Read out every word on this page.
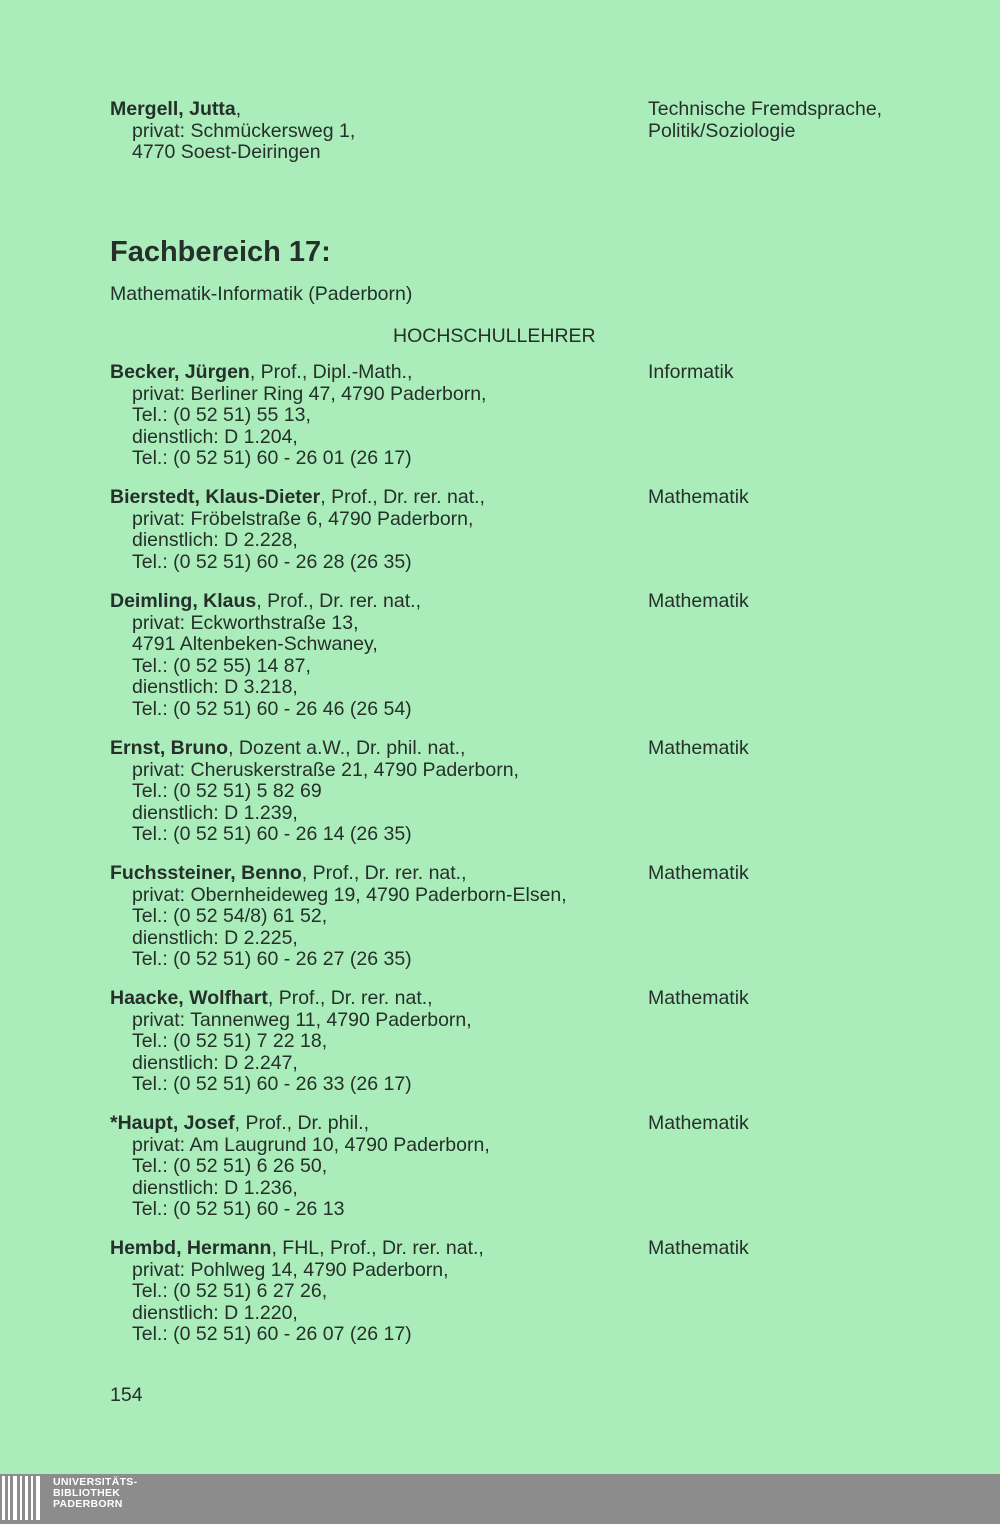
Mergell, Jutta,
privat: Schmückersweg 1,
4770 Soest-Deiringen
Technische Fremdsprache,
Politik/Soziologie
Fachbereich 17:
Mathematik-Informatik (Paderborn)
HOCHSCHULLEHRER
Becker, Jürgen, Prof., Dipl.-Math.,
privat: Berliner Ring 47, 4790 Paderborn,
Tel.: (0 52 51) 55 13,
dienstlich: D 1.204,
Tel.: (0 52 51) 60 - 26 01 (26 17)
Informatik
Bierstedt, Klaus-Dieter, Prof., Dr. rer. nat.,
privat: Fröbelstraße 6, 4790 Paderborn,
dienstlich: D 2.228,
Tel.: (0 52 51) 60 - 26 28 (26 35)
Mathematik
Deimling, Klaus, Prof., Dr. rer. nat.,
privat: Eckworthstraße 13,
4791 Altenbeken-Schwaney,
Tel.: (0 52 55) 14 87,
dienstlich: D 3.218,
Tel.: (0 52 51) 60 - 26 46 (26 54)
Mathematik
Ernst, Bruno, Dozent a.W., Dr. phil. nat.,
privat: Cheruskerstraße 21, 4790 Paderborn,
Tel.: (0 52 51) 5 82 69
dienstlich: D 1.239,
Tel.: (0 52 51) 60 - 26 14 (26 35)
Mathematik
Fuchssteiner, Benno, Prof., Dr. rer. nat.,
privat: Obernheideweg 19, 4790 Paderborn-Elsen,
Tel.: (0 52 54/8) 61 52,
dienstlich: D 2.225,
Tel.: (0 52 51) 60 - 26 27 (26 35)
Mathematik
Haacke, Wolfhart, Prof., Dr. rer. nat.,
privat: Tannenweg 11, 4790 Paderborn,
Tel.: (0 52 51) 7 22 18,
dienstlich: D 2.247,
Tel.: (0 52 51) 60 - 26 33 (26 17)
Mathematik
*Haupt, Josef, Prof., Dr. phil.,
privat: Am Laugrund 10, 4790 Paderborn,
Tel.: (0 52 51) 6 26 50,
dienstlich: D 1.236,
Tel.: (0 52 51) 60 - 26 13
Mathematik
Hembd, Hermann, FHL, Prof., Dr. rer. nat.,
privat: Pohlweg 14, 4790 Paderborn,
Tel.: (0 52 51) 6 27 26,
dienstlich: D 1.220,
Tel.: (0 52 51) 60 - 26 07 (26 17)
Mathematik
154
UNIVERSITÄTS-
BIBLIOTHEK
PADERBORN
